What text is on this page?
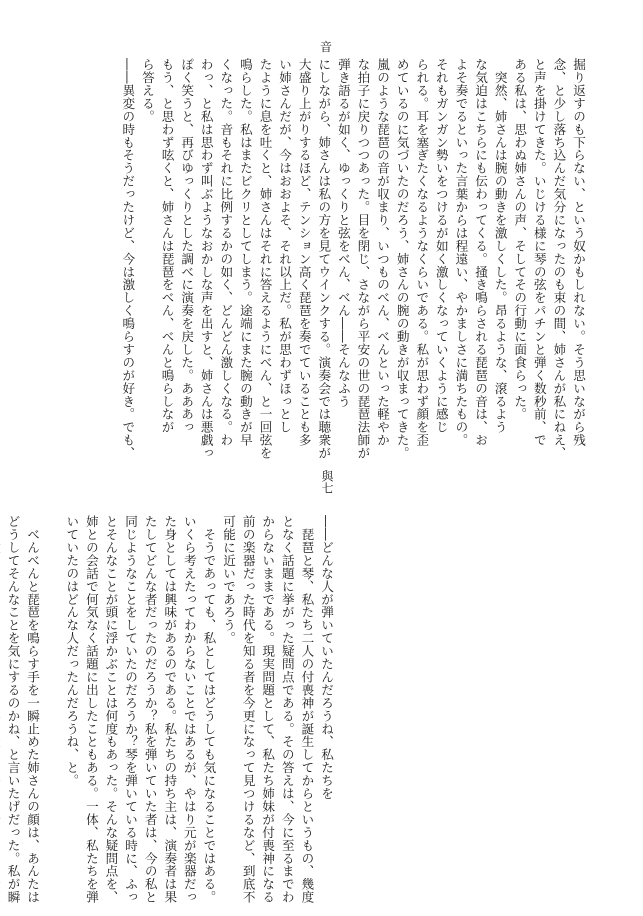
音
與七
掘り返すのも下らない、という奴かもしれない。そう思いながら残
念、と少し落ち込んだ気分になったのも束の間、姉さんが私にねえ、
と声を掛けてきた。いじける様に琴の弦をパチンと弾く数秒前、で
ある私は、思わぬ姉さんの声、そしてその行動に面食らった。
　突然、姉さんは腕の動きを激しくした。昂るような、滾るよう
な気迫はこちらにも伝わってくる。掻き鳴らされる琵琶の音は、お
よそ奏でるといった言葉からは程遠い、やかましさに満ちたもの。
それもガンガン勢いをつけるが如く激しくなっていくように感じ
られる。耳を塞ぎたくなるようなくらいである。私が思わず顔を歪
めているのに気づいたのだろう、姉さんの腕の動きが収まってきた。
嵐のような琵琶の音が収まり、いつものべん、べんといった軽やか
な拍子に戻りつつあった。目を閉じ、さながら平安の世の琵琶法師が
弾き語るが如く、ゆっくりと弦をべん、べん――そんなふう
にしながら、姉さんは私の方を見てウインクする。演奏会では聴衆が
大盛り上がりするほど、テンション高く琵琶を奏でていることも多
い姉さんだが、今はおおよそ、それ以上だ。私が思わずほっとし
たように息を吐くと、姉さんはそれに答えるようにべん、と一回弦を
鳴らした。私はまたビクリとしてしまう。途端にまた腕の動きが早
くなった。音もそれに比例するかの如く、どんどん激しくなる。わ
わっ、と私は思わず叫ぶようなおかしな声を出すと、姉さんは悪戯っ
ぽく笑うと、再びゆっくりとした調べに演奏を戻した。あああっ
もう、と思わず呟くと、姉さんは琵琶をべん、べんと鳴らしなが
ら答える。
――異変の時もそうだったけど、今は激しく鳴らすのが好き。でも、
――どんな人が弾いていたんだろうね、私たちを
　琵琶と琴、私たち二人の付喪神が誕生してからというもの、幾度
となく話題に挙がった疑問点である。その答えは、今に至るまでわ
からないままである。現実問題として、私たち姉妹が付喪神になる
前の楽器だった時代を知る者を今更になって見つけるなど、到底不
可能に近いであろう。
　そうであっても、私としてはどうしても気になることではある。
いくら考えたってわからないことではあるが、やはり元が楽器だっ
た身としては興味があるのである。私たちの持ち主は、演奏者は果
たしてどんな者だったのだろうか？私を弾いていた者は、今の私と
同じようなことをしていたのだろうか？琴を弾いている時に、ふっ
とそんなことが頭に浮かぶことは何度もあった。そんな疑問点を、
姉との会話で何気なく話題に出したこともある。一体、私たちを弾
いていたのはどんな人だったんだろうね、と。

　べんべんと琵琶を鳴らす手を一瞬止めた姉さんの顔は、あんたは
どうしてそんなことを気にするのかね、と言いたげだった。私が瞬
